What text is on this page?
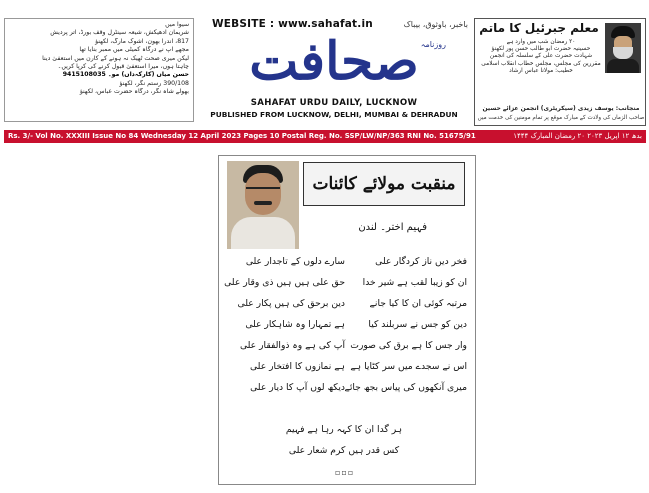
سیوا میں
شریمان ادھیکش، شیعہ سینٹرل وقف بورڈ، اتر پردیش
817، اندرا بھون، اشوک مارگ، لکھنؤ
مجھے آپ نے درگاہ کمیٹی میں ممبر بنایا تھا
لیکن میری صحت ٹھیک نہ ہونے کے کارن میں استعفیٰ دینا
چاہتا ہوں، میرا استعفیٰ قبول کرنے کی کرپا کریں۔
حسن میاں (کارکہ‌داں) مو۔ 9415108035
390/108 رستم نگر، لکھنؤ
بھولے شاہ نگر، درگاہ حضرت عباس، لکھنؤ
WEBSITE : www.sahafat.in	باخبر، باوثوق، بیباک
روزنامہ
صحافت
SAHAFAT URDU DAILY, LUCKNOW
PUBLISHED FROM LUCKNOW, DELHI, MUMBAI & DEHRADUN
معلم جبرئیل کا ماتم
۲۰ رمضان شب میں وارد ہے
حسینیہ حضرت ابو طالب حسن پور لکھنؤ
شہادت حضرت علی کے سلسلہ کی انجمن
مقررین کی مجلس، مجلس خطاب انقلاب اسلامی
خطیب: مولانا عباس ارشاد
منجانب: یوسف زیدی (سیکریٹری) انجمن عزائے حسین
صاحب الزماں کی ولادت کے مبارک موقع پر تمام مومنین کی خدمت میں
Rs. 3/- Vol No. XXXIII Issue No 84 Wednesday 12 April 2023 Pages 10 Postal Reg. No. SSP/LW/NP/363 RNI No. 51675/91	بدھ ۱۲ اپریل ۲۰۲۳ ۲۰ رمضان المبارک ۱۴۴۴
منقبت مولائے کائنات
فہیم اختر۔ لندن
فخر دیں ناز کردگار علی
سارے دلوں کے تاجدار علی
ان کو زیبا لقب ہے شیر خدا
حق علی ہیں ہیں ذی وقار علی
مرتبہ کوئی ان کا کیا جانے
دین برحق کی ہیں پکار علی
دین کو جس نے سربلند کیا
ہے تمہارا وہ شاہکار علی
وار جس کا ہے برق کی صورت
آپ کی ہے وہ ذوالفقار علی
اس نے سجدے میں سر کٹایا ہے
ہے نمازوں کا افتخار علی
میری آنکھوں کی پیاس بجھ جائے
دیکھ لوں آپ کا دیار علی
ہر گدا ان کا کہہ رہا ہے فہیم
کس قدر ہیں کرم شعار علی
▫▫▫
